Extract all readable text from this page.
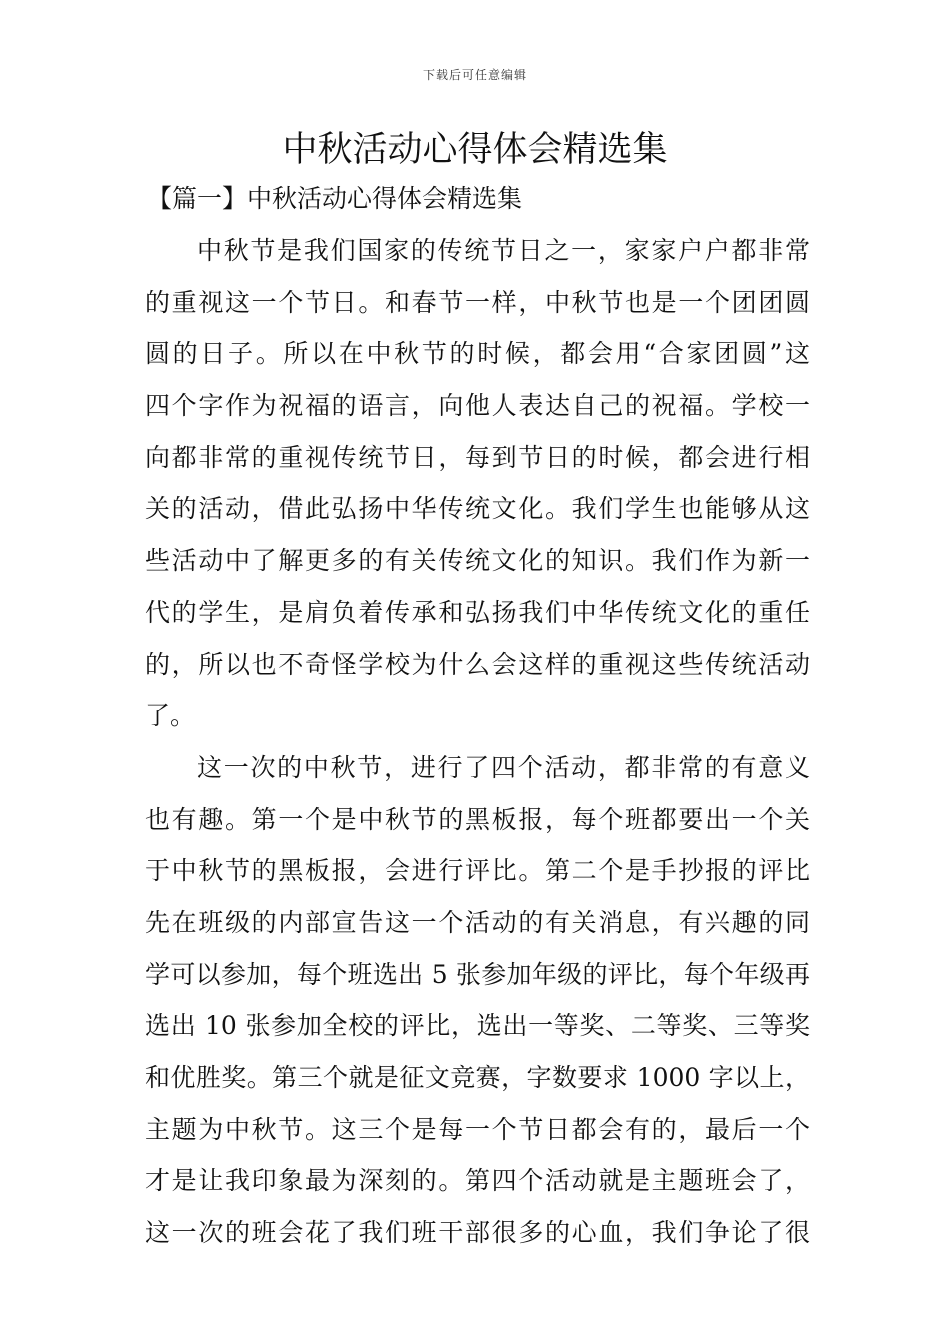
下载后可任意编辑
中秋活动心得体会精选集
【篇一】中秋活动心得体会精选集
中秋节是我们国家的传统节日之一，家家户户都非常
的重视这一个节日。和春节一样，中秋节也是一个团团圆
圆的日子。所以在中秋节的时候，都会用“合家团圆”这
四个字作为祝福的语言，向他人表达自己的祝福。学校一
向都非常的重视传统节日，每到节日的时候，都会进行相
关的活动，借此弘扬中华传统文化。我们学生也能够从这
些活动中了解更多的有关传统文化的知识。我们作为新一
代的学生，是肩负着传承和弘扬我们中华传统文化的重任
的，所以也不奇怪学校为什么会这样的重视这些传统活动
了。
这一次的中秋节，进行了四个活动，都非常的有意义
也有趣。第一个是中秋节的黑板报，每个班都要出一个关
于中秋节的黑板报，会进行评比。第二个是手抄报的评比
先在班级的内部宣告这一个活动的有关消息，有兴趣的同
学可以参加，每个班选出 5 张参加年级的评比，每个年级再
选出 10 张参加全校的评比，选出一等奖、二等奖、三等奖
和优胜奖。第三个就是征文竞赛，字数要求 1000 字以上，
主题为中秋节。这三个是每一个节日都会有的，最后一个
才是让我印象最为深刻的。第四个活动就是主题班会了，
这一次的班会花了我们班干部很多的心血，我们争论了很
